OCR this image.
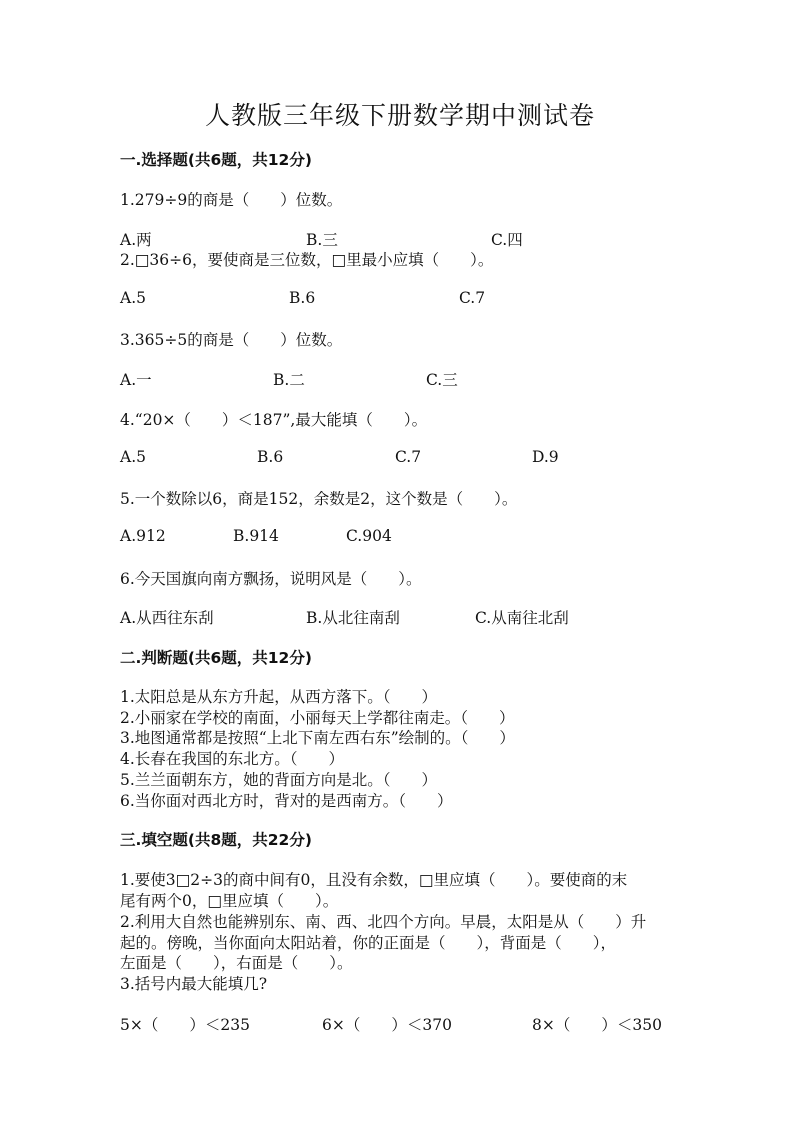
人教版三年级下册数学期中测试卷
一.选择题(共6题，共12分)
1.279÷9的商是（　　）位数。
A.两	B.三	C.四
2.□36÷6，要使商是三位数，□里最小应填（　　）。
A.5	B.6	C.7
3.365÷5的商是（　　）位数。
A.一	B.二	C.三
4.“20×（　　）＜187”,最大能填（　　）。
A.5	B.6	C.7	D.9
5.一个数除以6，商是152，余数是2，这个数是（　　）。
A.912	B.914	C.904
6.今天国旗向南方飘扬，说明风是（　　）。
A.从西往东刮	B.从北往南刮	C.从南往北刮
二.判断题(共6题，共12分)
1.太阳总是从东方升起，从西方落下。（　　）
2.小丽家在学校的南面，小丽每天上学都往南走。（　　）
3.地图通常都是按照“上北下南左西右东”绘制的。（　　）
4.长春在我国的东北方。（　　）
5.兰兰面朝东方，她的背面方向是北。（　　）
6.当你面对西北方时，背对的是西南方。（　　）
三.填空题(共8题，共22分)
1.要使3□2÷3的商中间有0，且没有余数，□里应填（　　）。要使商的末
尾有两个0，□里应填（　　）。
2.利用大自然也能辨别东、南、西、北四个方向。早晨，太阳是从（　　）升
起的。傍晚，当你面向太阳站着，你的正面是（　　），背面是（　　），
左面是（　　），右面是（　　）。
3.括号内最大能填几?
5×（　　）＜235	6×（　　）＜370	8×（　　）＜350
